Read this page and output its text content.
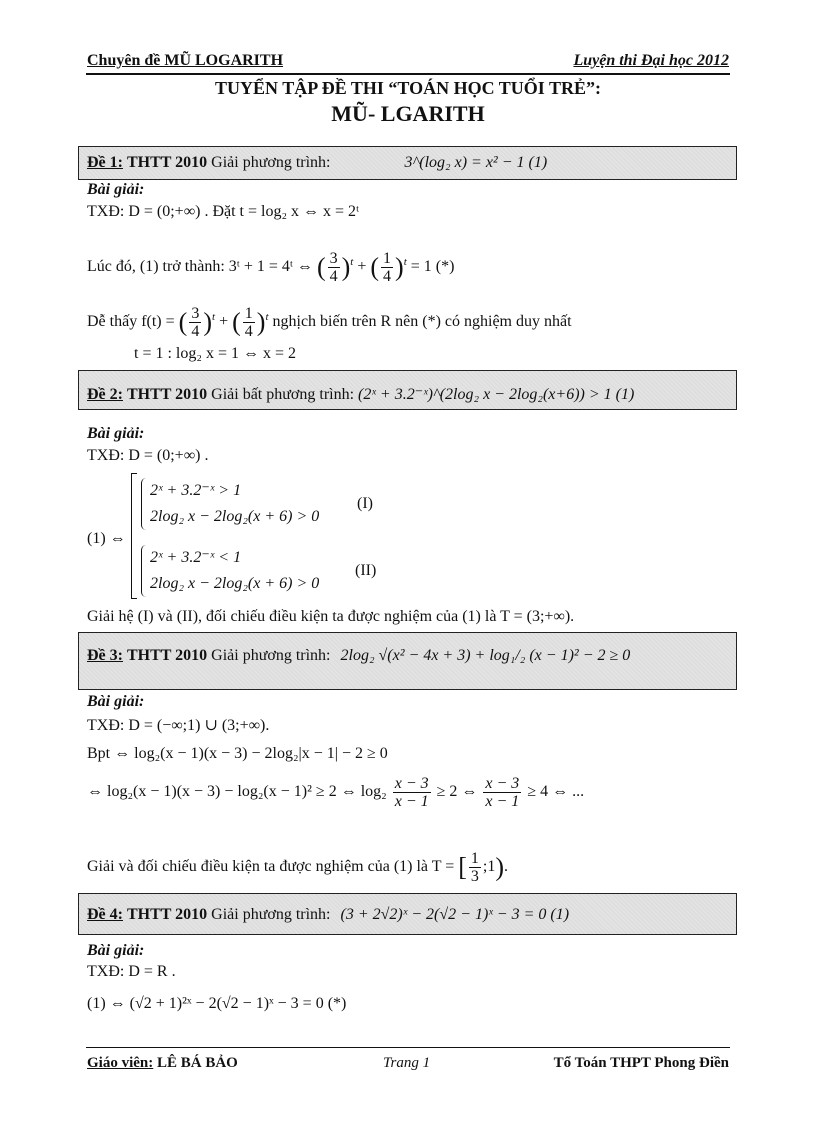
Chuyên đề MŨ LOGARITH	Luyện thi Đại học 2012
TUYỂN TẬP ĐỀ THI “TOÁN HỌC TUỔI TRẺ”:
MŨ- LGARITH
Đề 1: THTT 2010 Giải phương trình:	3^(log₂ x) = x² − 1 (1)
Bài giải:
TXĐ: D = (0;+∞) . Đặt t = log₂ x ⇔ x = 2ᵗ
Lúc đó, (1) trở thành: 3ᵗ + 1 = 4ᵗ ⇔ ( $\frac{3}{4} )^t$ + ( $\frac{1}{4} )^t = 1$ (*)
Dễ thấy f(t) = ( $\frac{3}{4} )^t$ + ( $\frac{1}{4} )^t$ nghịch biến trên R nên (*) có nghiệm duy nhất
t = 1 : log₂ x = 1 ⇔ x = 2
Đề 2: THTT 2010 Giải bất phương trình: (2ˣ + 3.2⁻ˣ)^(2log₂ x − 2log₂(x+6)) > 1 (1)
Bài giải:
TXĐ: D = (0;+∞) .
(1) ⇔
2ˣ + 3.2⁻ˣ > 1
2log₂ x − 2log₂(x + 6) > 0
(I)
2ˣ + 3.2⁻ˣ < 1
2log₂ x − 2log₂(x + 6) > 0
(II)
Giải hệ (I) và (II), đối chiếu điều kiện ta được nghiệm của (1) là T = (3;+∞).
Đề 3: THTT 2010 Giải phương trình: 2log₂ √(x² − 4x + 3) + log₁/₂ (x − 1)² − 2 ≥ 0
Bài giải:
TXĐ: D = (−∞;1) ∪ (3;+∞).
Bpt ⇔ log₂(x − 1)(x − 3) − 2log₂|x − 1| − 2 ≥ 0
⇔ log₂(x − 1)(x − 3) − log₂(x − 1)² ≥ 2 ⇔ $\log_2 \frac{x - 3}{x - 1} \ge 2$ ⇔ $\frac{x - 3}{x - 1} \ge 4$ ⇔ ...
Giải và đối chiếu điều kiện ta được nghiệm của (1) là T = [ $\frac{1}{3}$ ;1).
Đề 4: THTT 2010 Giải phương trình: (3 + 2√2)ˣ − 2(√2 − 1)ˣ − 3 = 0 (1)
Bài giải:
TXĐ: D = R .
(1) ⇔ (√2 + 1)²ˣ − 2(√2 − 1)ˣ − 3 = 0 (*)
Giáo viên: LÊ BÁ BẢO	Trang 1	Tổ Toán THPT Phong Điền
